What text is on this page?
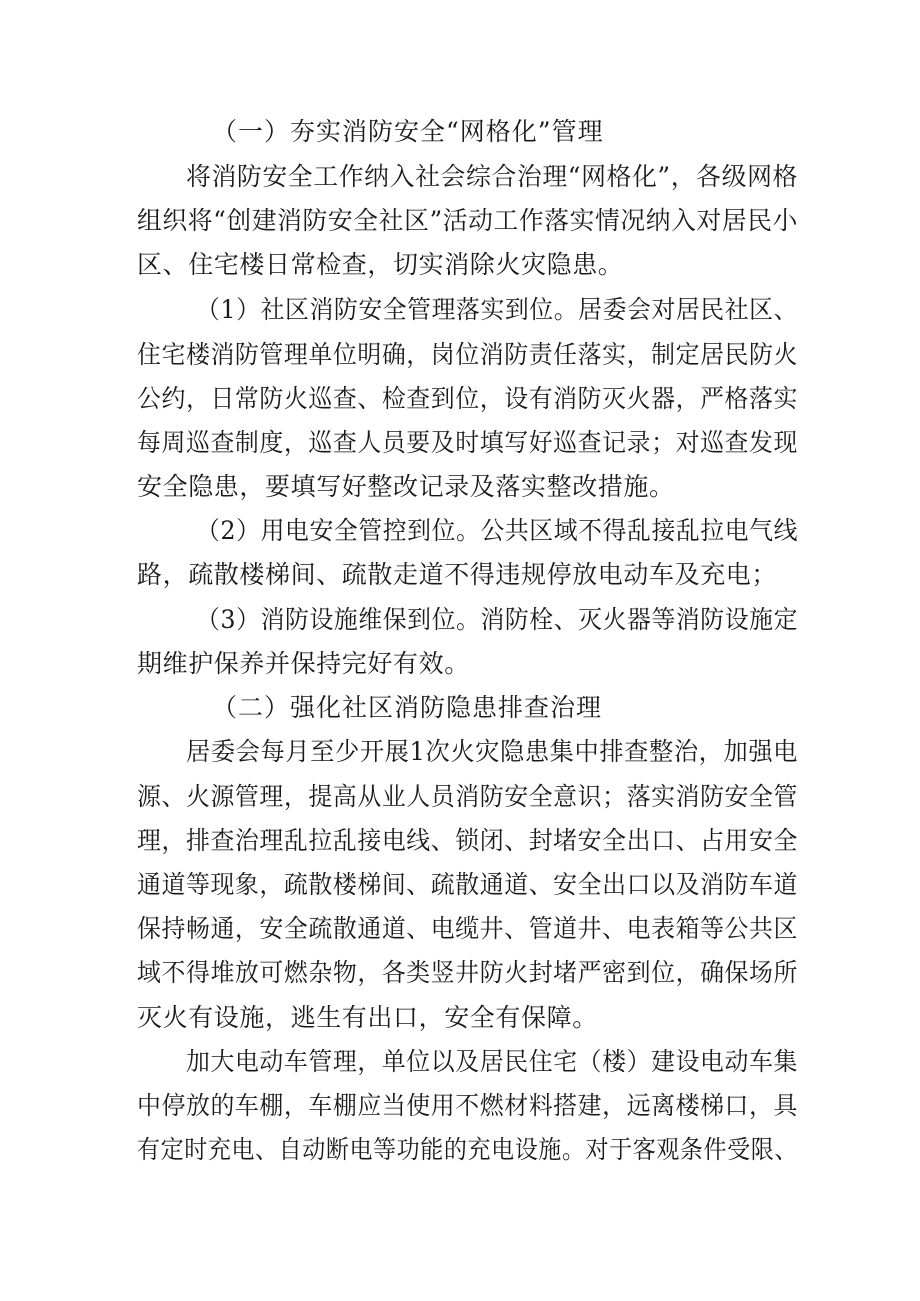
（一）夯实消防安全“网格化”管理
将消防安全工作纳入社会综合治理“网格化”，各级网格
组织将“创建消防安全社区”活动工作落实情况纳入对居民小
区、住宅楼日常检查，切实消除火灾隐患。
（1）社区消防安全管理落实到位。居委会对居民社区、
住宅楼消防管理单位明确，岗位消防责任落实，制定居民防火
公约，日常防火巡查、检查到位，设有消防灭火器，严格落实
每周巡查制度，巡查人员要及时填写好巡查记录；对巡查发现
安全隐患，要填写好整改记录及落实整改措施。
（2）用电安全管控到位。公共区域不得乱接乱拉电气线
路，疏散楼梯间、疏散走道不得违规停放电动车及充电；
（3）消防设施维保到位。消防栓、灭火器等消防设施定
期维护保养并保持完好有效。
（二）强化社区消防隐患排查治理
居委会每月至少开展1次火灾隐患集中排查整治，加强电
源、火源管理，提高从业人员消防安全意识；落实消防安全管
理，排查治理乱拉乱接电线、锁闭、封堵安全出口、占用安全
通道等现象，疏散楼梯间、疏散通道、安全出口以及消防车道
保持畅通，安全疏散通道、电缆井、管道井、电表箱等公共区
域不得堆放可燃杂物，各类竖井防火封堵严密到位，确保场所
灭火有设施，逃生有出口，安全有保障。
加大电动车管理，单位以及居民住宅（楼）建设电动车集
中停放的车棚，车棚应当使用不燃材料搭建，远离楼梯口，具
有定时充电、自动断电等功能的充电设施。对于客观条件受限、
